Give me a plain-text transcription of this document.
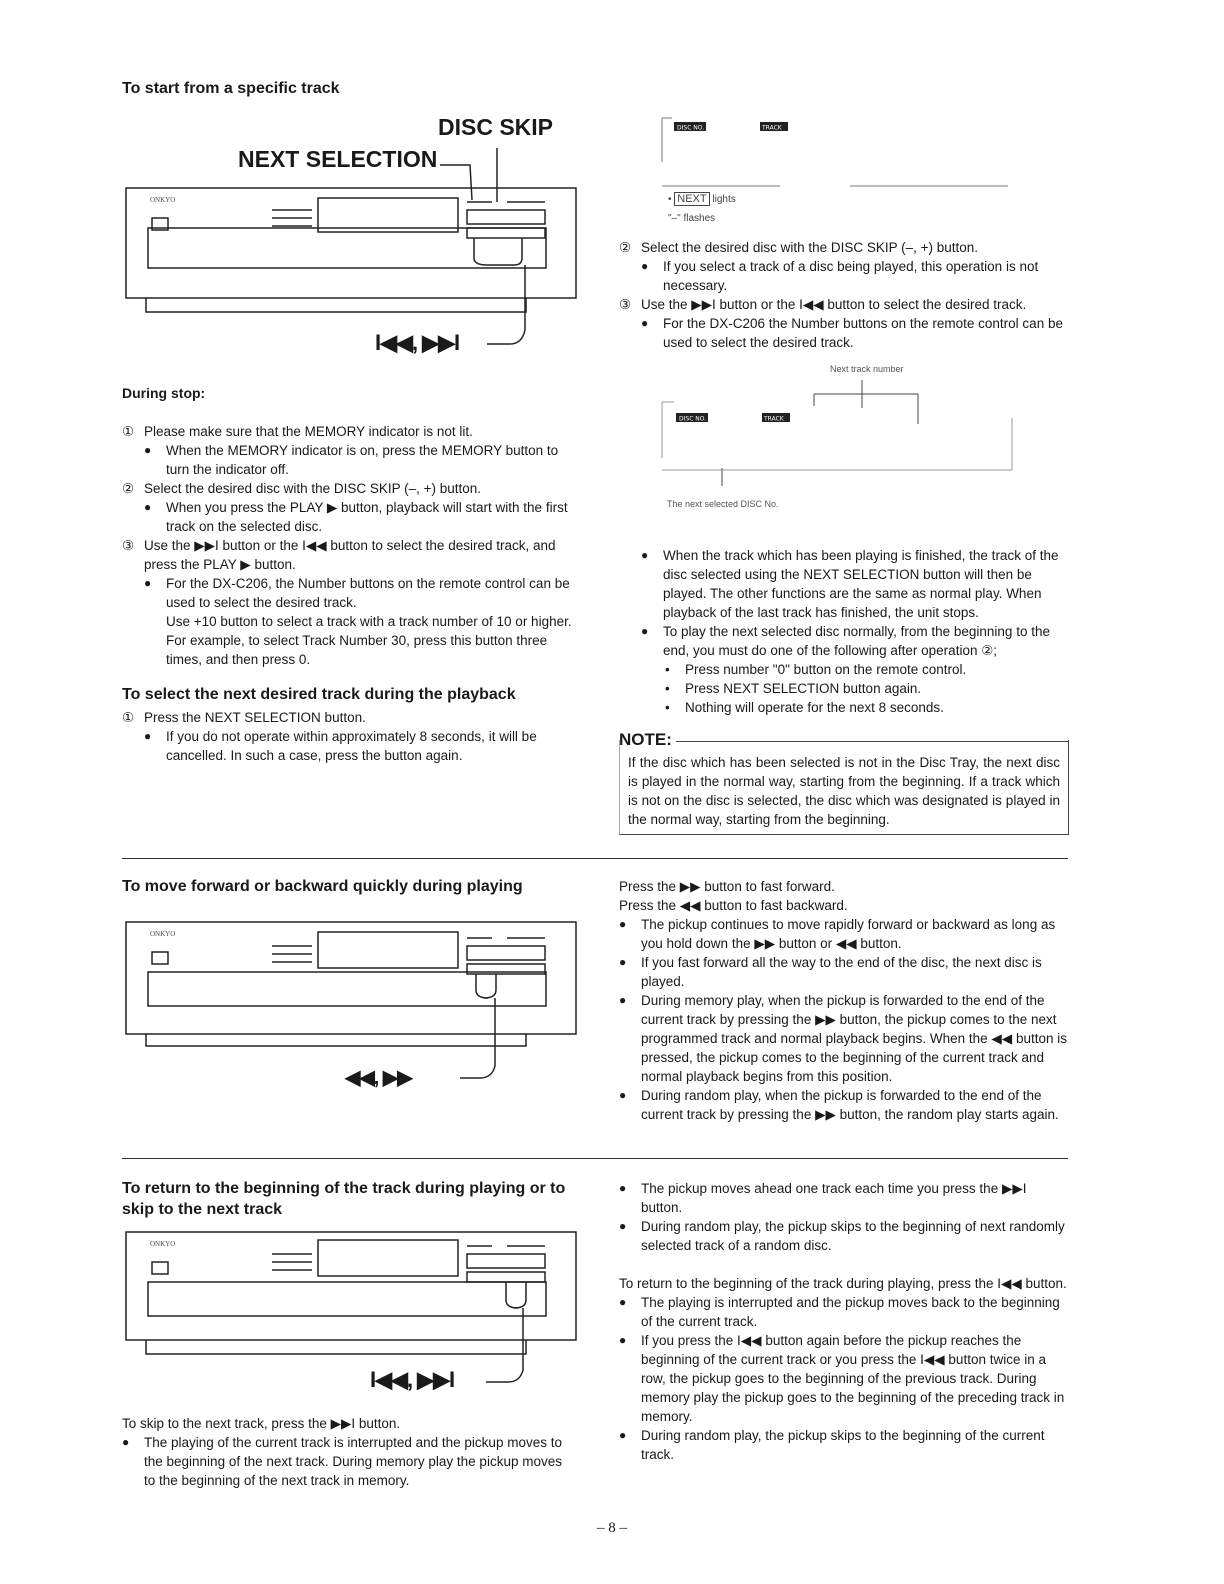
To start from a specific track
DISC SKIP
NEXT SELECTION
ONKYO
I◀◀, ▶▶I
During stop:

① Please make sure that the MEMORY indicator is not lit.

● When the MEMORY indicator is on, press the MEMORY button to turn the indicator off.

② Select the desired disc with the DISC SKIP (–, +) button.

● When you press the PLAY ▶ button, playback will start with the first track on the selected disc.

③ Use the ▶▶I button or the I◀◀ button to select the desired track, and press the PLAY ▶ button.

● For the DX-C206, the Number buttons on the remote control can be used to select the desired track.

Use +10 button to select a track with a track number of 10 or higher. For example, to select Track Number 30, press this button three times, and then press 0.

To select the next desired track during the playback

① Press the NEXT SELECTION button.

● If you do not operate within approximately 8 seconds, it will be cancelled. In such a case, press the button again.

DISC NO.	TRACK
• NEXT lights
"–" flashes

② Select the desired disc with the DISC SKIP (–, +) button.

● If you select a track of a disc being played, this operation is not necessary.

③ Use the ▶▶I button or the I◀◀ button to select the desired track.

● For the DX-C206 the Number buttons on the remote control can be used to select the desired track.

Next track number
DISC NO.	TRACK
The next selected DISC No.

● When the track which has been playing is finished, the track of the disc selected using the NEXT SELECTION button will then be played. The other functions are the same as normal play. When playback of the last track has finished, the unit stops.

● To play the next selected disc normally, from the beginning to the end, you must do one of the following after operation ②;

• Press number "0" button on the remote control.

• Press NEXT SELECTION button again.

• Nothing will operate for the next 8 seconds.

NOTE:
If the disc which has been selected is not in the Disc Tray, the next disc is played in the normal way, starting from the beginning. If a track which is not on the disc is selected, the disc which was designated is played in the normal way, starting from the beginning.
To move forward or backward quickly during playing
ONKYO
◀◀, ▶▶

Press the ▶▶ button to fast forward.

Press the ◀◀ button to fast backward.

● The pickup continues to move rapidly forward or backward as long as you hold down the ▶▶ button or ◀◀ button.

● If you fast forward all the way to the end of the disc, the next disc is played.

● During memory play, when the pickup is forwarded to the end of the current track by pressing the ▶▶ button, the pickup comes to the next programmed track and normal playback begins. When the ◀◀ button is pressed, the pickup comes to the beginning of the current track and normal playback begins from this position.

● During random play, when the pickup is forwarded to the end of the current track by pressing the ▶▶ button, the random play starts again.

To return to the beginning of the track during playing or to skip to the next track
ONKYO
I◀◀, ▶▶I

To skip to the next track, press the ▶▶I button.

● The playing of the current track is interrupted and the pickup moves to the beginning of the next track. During memory play the pickup moves to the beginning of the next track in memory.

● The pickup moves ahead one track each time you press the ▶▶I button.

● During random play, the pickup skips to the beginning of next randomly selected track of a random disc.

To return to the beginning of the track during playing, press the I◀◀ button.

● The playing is interrupted and the pickup moves back to the beginning of the current track.

● If you press the I◀◀ button again before the pickup reaches the beginning of the current track or you press the I◀◀ button twice in a row, the pickup goes to the beginning of the previous track. During memory play the pickup goes to the beginning of the preceding track in memory.

● During random play, the pickup skips to the beginning of the current track.

– 8 –
